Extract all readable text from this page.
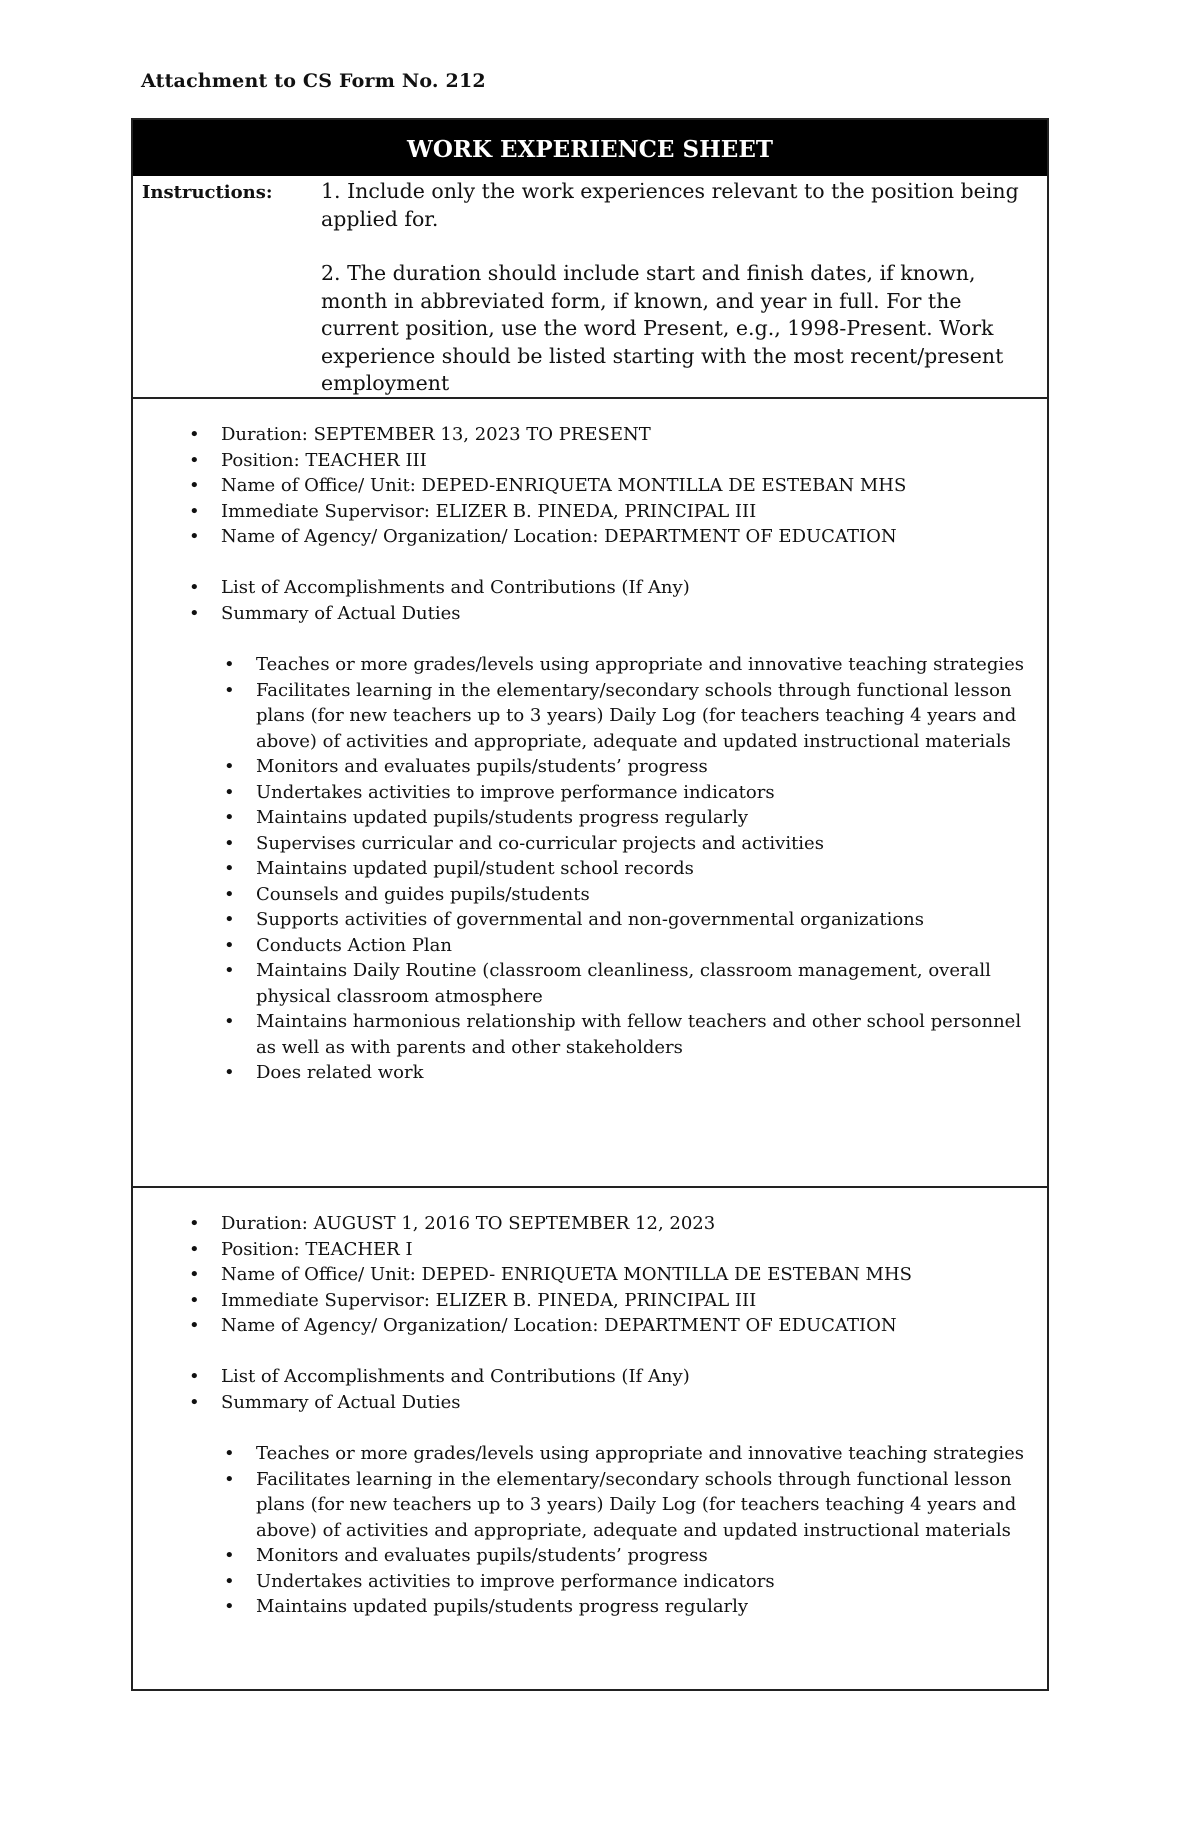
Attachment to CS Form No. 212
WORK EXPERIENCE SHEET
Instructions: 1. Include only the work experiences relevant to the position being applied for.

2. The duration should include start and finish dates, if known, month in abbreviated form, if known, and year in full. For the current position, use the word Present, e.g., 1998-Present. Work experience should be listed starting with the most recent/present employment

• Duration: SEPTEMBER 13, 2023 TO PRESENT
• Position: TEACHER III
• Name of Office/ Unit: DEPED-ENRIQUETA MONTILLA DE ESTEBAN MHS
• Immediate Supervisor: ELIZER B. PINEDA, PRINCIPAL III
• Name of Agency/ Organization/ Location: DEPARTMENT OF EDUCATION
• List of Accomplishments and Contributions (If Any)
• Summary of Actual Duties
• Teaches or more grades/levels using appropriate and innovative teaching strategies
• Facilitates learning in the elementary/secondary schools through functional lesson plans (for new teachers up to 3 years) Daily Log (for teachers teaching 4 years and above) of activities and appropriate, adequate and updated instructional materials
• Monitors and evaluates pupils/students’ progress
• Undertakes activities to improve performance indicators
• Maintains updated pupils/students progress regularly
• Supervises curricular and co-curricular projects and activities
• Maintains updated pupil/student school records
• Counsels and guides pupils/students
• Supports activities of governmental and non-governmental organizations
• Conducts Action Plan
• Maintains Daily Routine (classroom cleanliness, classroom management, overall physical classroom atmosphere
• Maintains harmonious relationship with fellow teachers and other school personnel as well as with parents and other stakeholders
• Does related work
• Duration: AUGUST 1, 2016 TO SEPTEMBER 12, 2023
• Position: TEACHER I
• Name of Office/ Unit: DEPED- ENRIQUETA MONTILLA DE ESTEBAN MHS
• Immediate Supervisor: ELIZER B. PINEDA, PRINCIPAL III
• Name of Agency/ Organization/ Location: DEPARTMENT OF EDUCATION
• List of Accomplishments and Contributions (If Any)
• Summary of Actual Duties
• Teaches or more grades/levels using appropriate and innovative teaching strategies
• Facilitates learning in the elementary/secondary schools through functional lesson plans (for new teachers up to 3 years) Daily Log (for teachers teaching 4 years and above) of activities and appropriate, adequate and updated instructional materials
• Monitors and evaluates pupils/students’ progress
• Undertakes activities to improve performance indicators
• Maintains updated pupils/students progress regularly
